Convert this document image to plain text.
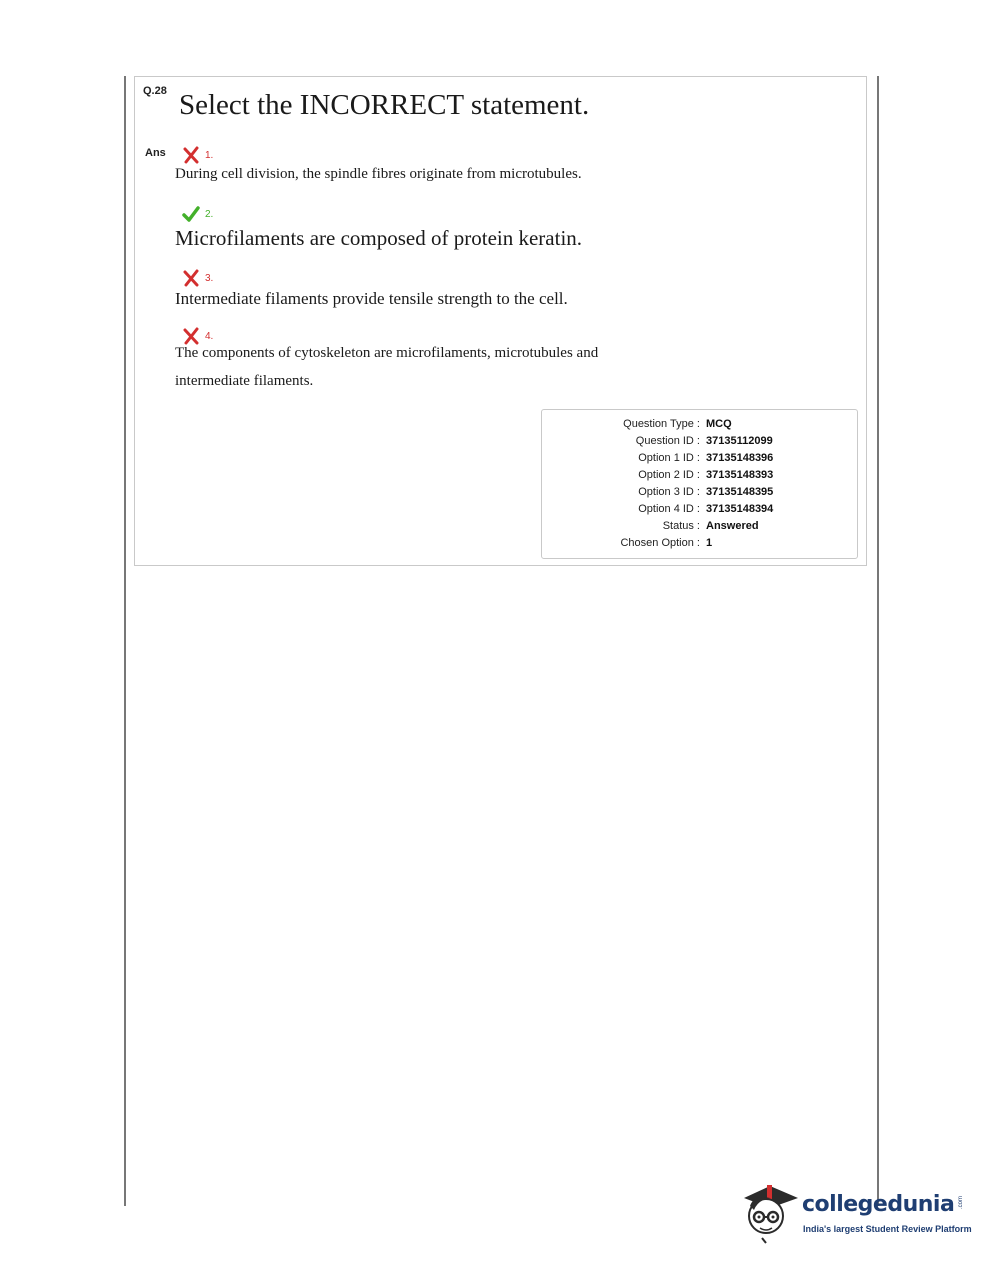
Q.28 Select the INCORRECT statement.
Ans	1.
During cell division, the spindle fibres originate from microtubules.
2.
Microfilaments are composed of protein keratin.
3.
Intermediate filaments provide tensile strength to the cell.
4.
The components of cytoskeleton are microfilaments, microtubules and
intermediate filaments.
Question Type :	MCQ
Question ID :	37135112099
Option 1 ID :	37135148396
Option 2 ID :	37135148393
Option 3 ID :	37135148395
Option 4 ID :	37135148394
Status :	Answered
Chosen Option :	1
collegedunia .com
India's largest Student Review Platform
